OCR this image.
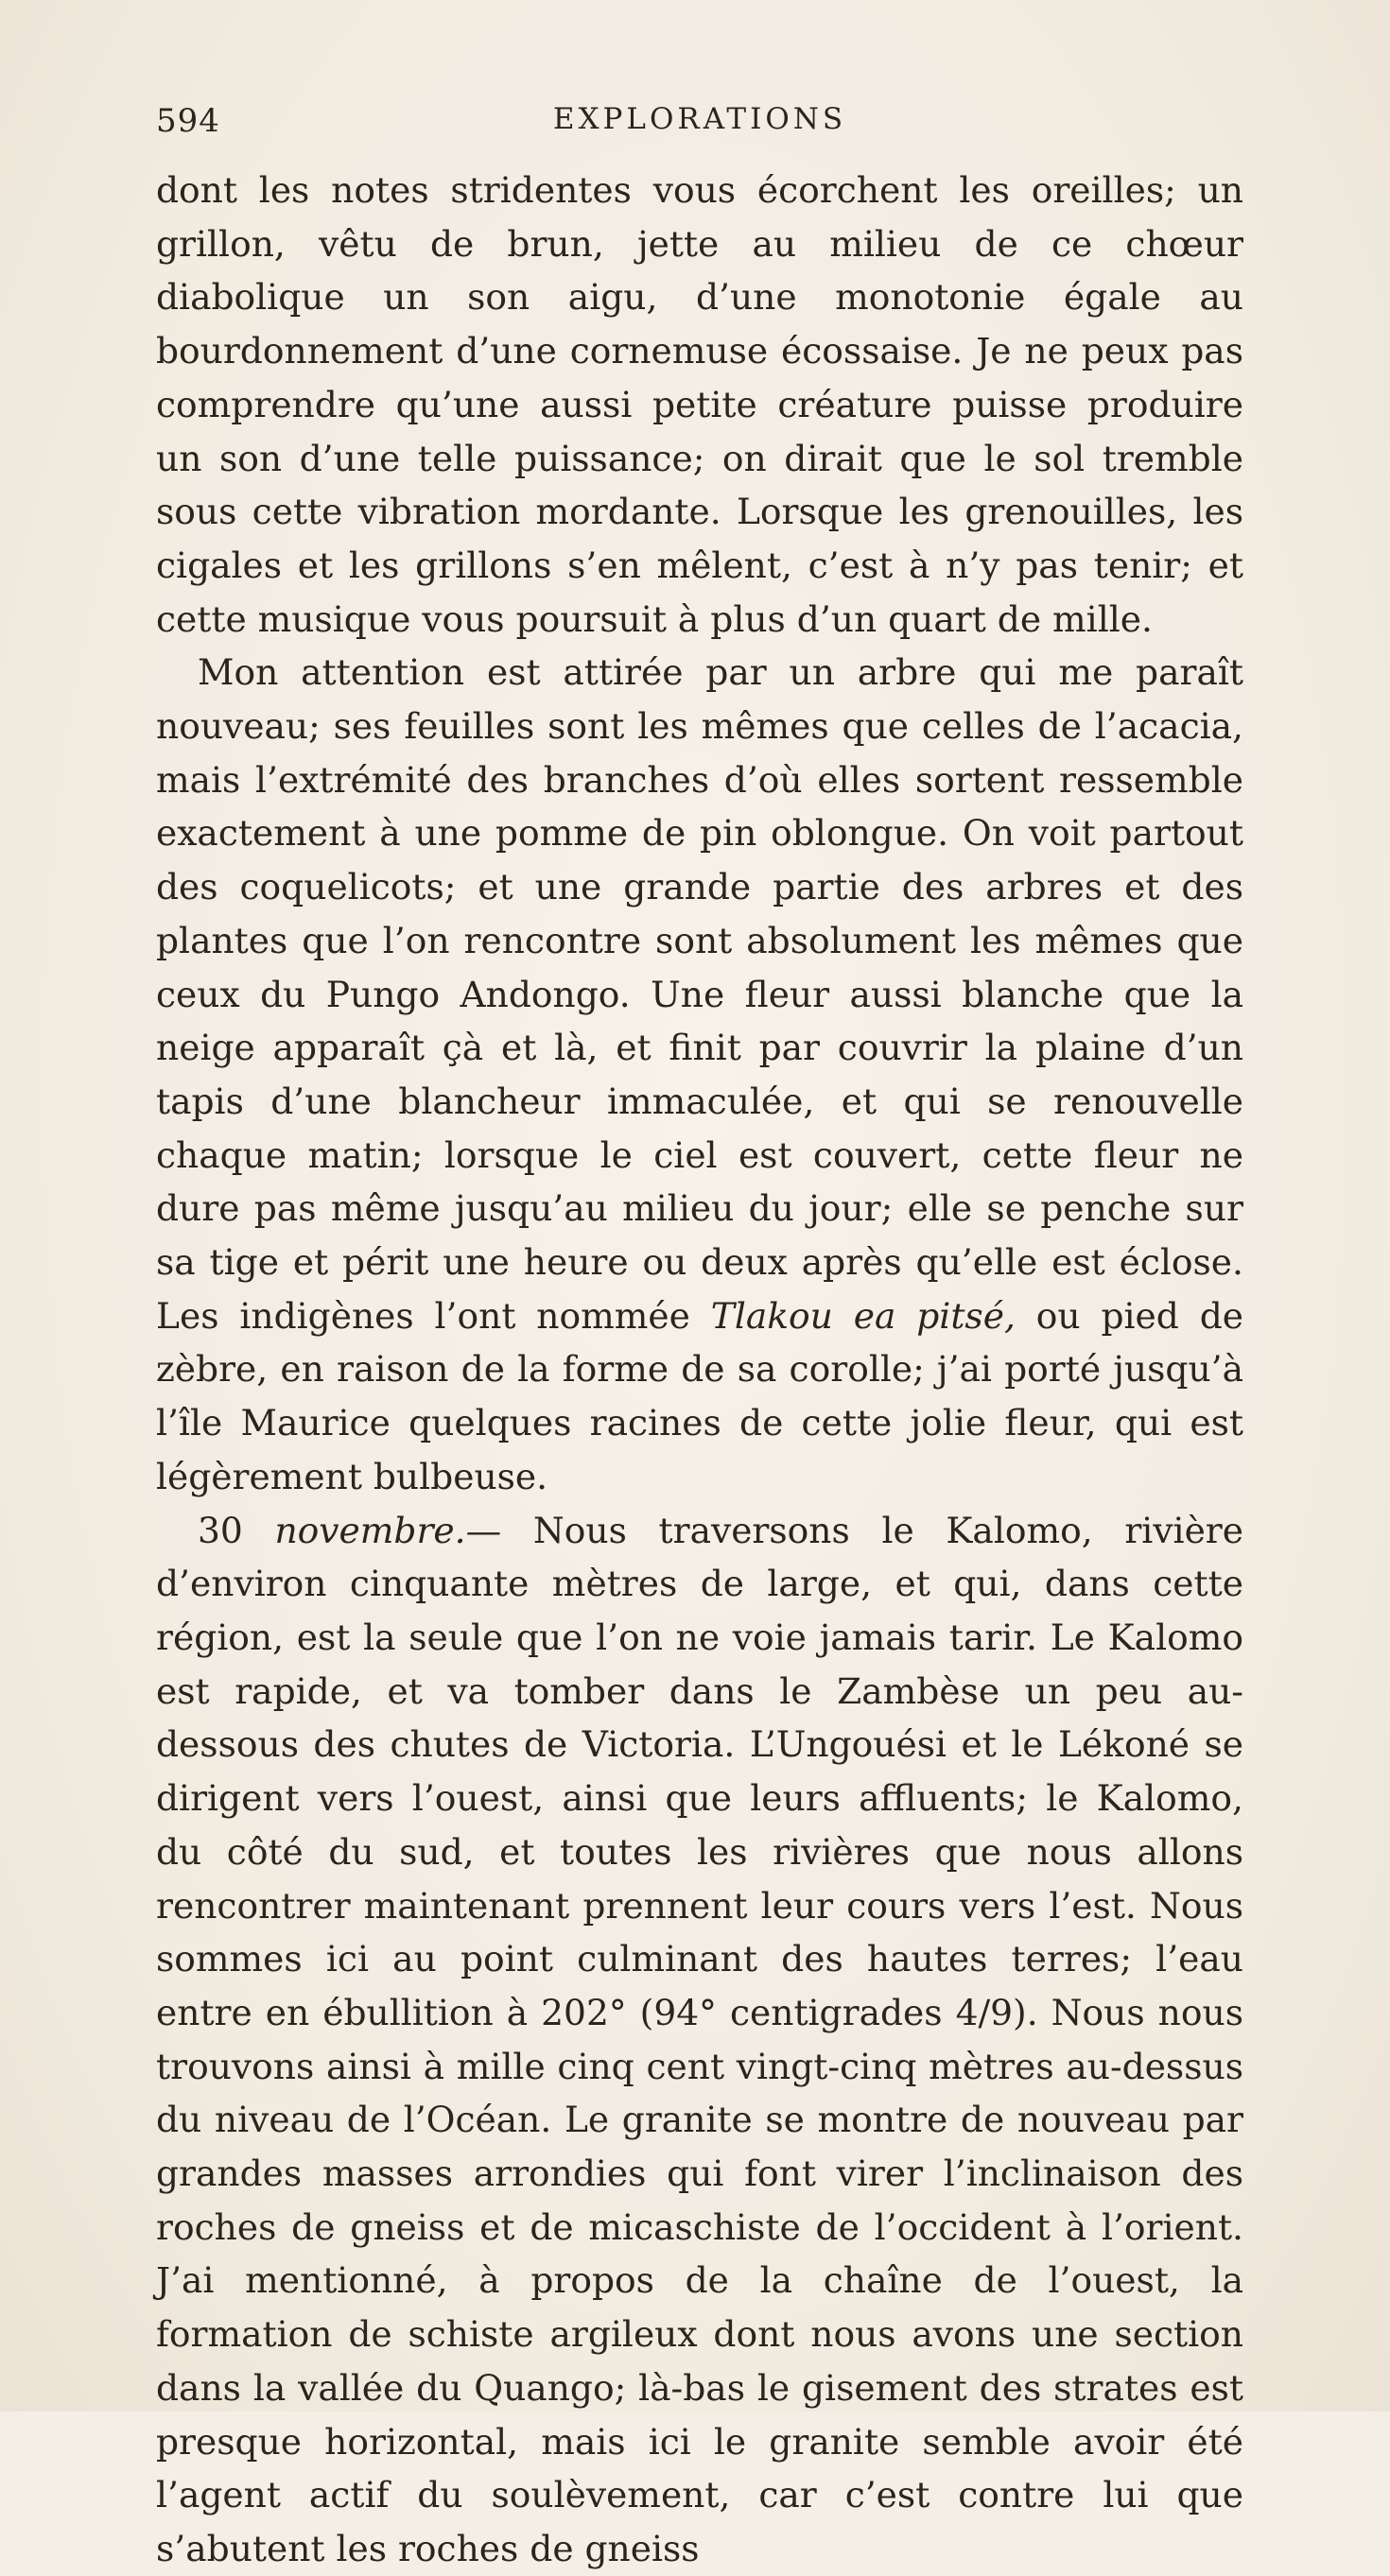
594	EXPLORATIONS

dont les notes stridentes vous écorchent les oreilles; un grillon, vêtu de brun, jette au milieu de ce chœur diabolique un son aigu, d’une monotonie égale au bourdonnement d’une cornemuse écossaise. Je ne peux pas comprendre qu’une aussi petite créature puisse produire un son d’une telle puissance; on dirait que le sol tremble sous cette vibration mordante. Lorsque les grenouilles, les cigales et les grillons s’en mêlent, c’est à n’y pas tenir; et cette musique vous poursuit à plus d’un quart de mille.

Mon attention est attirée par un arbre qui me paraît nouveau; ses feuilles sont les mêmes que celles de l’acacia, mais l’extrémité des branches d’où elles sortent ressemble exactement à une pomme de pin oblongue. On voit partout des coquelicots; et une grande partie des arbres et des plantes que l’on rencontre sont absolument les mêmes que ceux du Pungo Andongo. Une fleur aussi blanche que la neige apparaît çà et là, et finit par couvrir la plaine d’un tapis d’une blancheur immaculée, et qui se renouvelle chaque matin; lorsque le ciel est couvert, cette fleur ne dure pas même jusqu’au milieu du jour; elle se penche sur sa tige et périt une heure ou deux après qu’elle est éclose. Les indigènes l’ont nommée Tlakou ea pitsé, ou pied de zèbre, en raison de la forme de sa corolle; j’ai porté jusqu’à l’île Maurice quelques racines de cette jolie fleur, qui est légèrement bulbeuse.

30 novembre.— Nous traversons le Kalomo, rivière d’environ cinquante mètres de large, et qui, dans cette région, est la seule que l’on ne voie jamais tarir. Le Kalomo est rapide, et va tomber dans le Zambèse un peu au-dessous des chutes de Victoria. L’Ungouési et le Lékoné se dirigent vers l’ouest, ainsi que leurs affluents; le Kalomo, du côté du sud, et toutes les rivières que nous allons rencontrer maintenant prennent leur cours vers l’est. Nous sommes ici au point culminant des hautes terres; l’eau entre en ébullition à 202° (94° centigrades 4/9). Nous nous trouvons ainsi à mille cinq cent vingt-cinq mètres au-dessus du niveau de l’Océan. Le granite se montre de nouveau par grandes masses arrondies qui font virer l’inclinaison des roches de gneiss et de micaschiste de l’occident à l’orient. J’ai mentionné, à propos de la chaîne de l’ouest, la formation de schiste argileux dont nous avons une section dans la vallée du Quango; là-bas le gisement des strates est presque horizontal, mais ici le granite semble avoir été l’agent actif du soulèvement, car c’est contre lui que s’abutent les roches de gneiss
